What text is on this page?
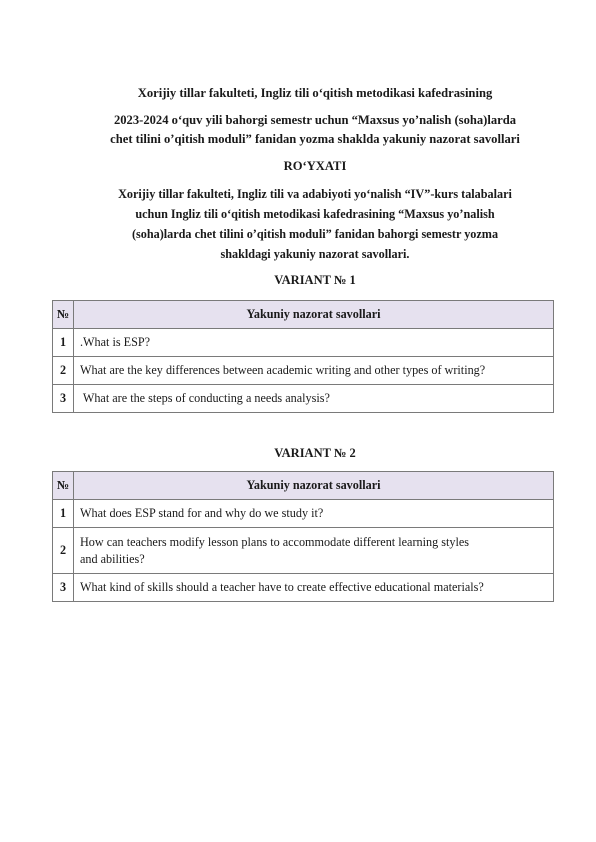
Xorijiy tillar fakulteti, Ingliz tili o‘qitish metodikasi kafedrasining
2023-2024 o‘quv yili bahorgi semestr uchun “Maxsus yo’nalish (soha)larda
chet tilini o’qitish moduli” fanidan yozma shaklda yakuniy nazorat savollari
RO‘YXATI
Xorijiy tillar fakulteti, Ingliz tili va adabiyoti yo‘nalish “IV”-kurs talabalari
uchun Ingliz tili o‘qitish metodikasi kafedrasining “Maxsus yo’nalish
(soha)larda chet tilini o’qitish moduli” fanidan bahorgi semestr yozma
shakldagi yakuniy nazorat savollari.
VARIANT № 1
№	Yakuniy nazorat savollari
1	.What is ESP?
2	What are the key differences between academic writing and other types of writing?
3	What are the steps of conducting a needs analysis?
VARIANT № 2
№	Yakuniy nazorat savollari
1	What does ESP stand for and why do we study it?
2	How can teachers modify lesson plans to accommodate different learning styles
and abilities?

3	What kind of skills should a teacher have to create effective educational materials?
